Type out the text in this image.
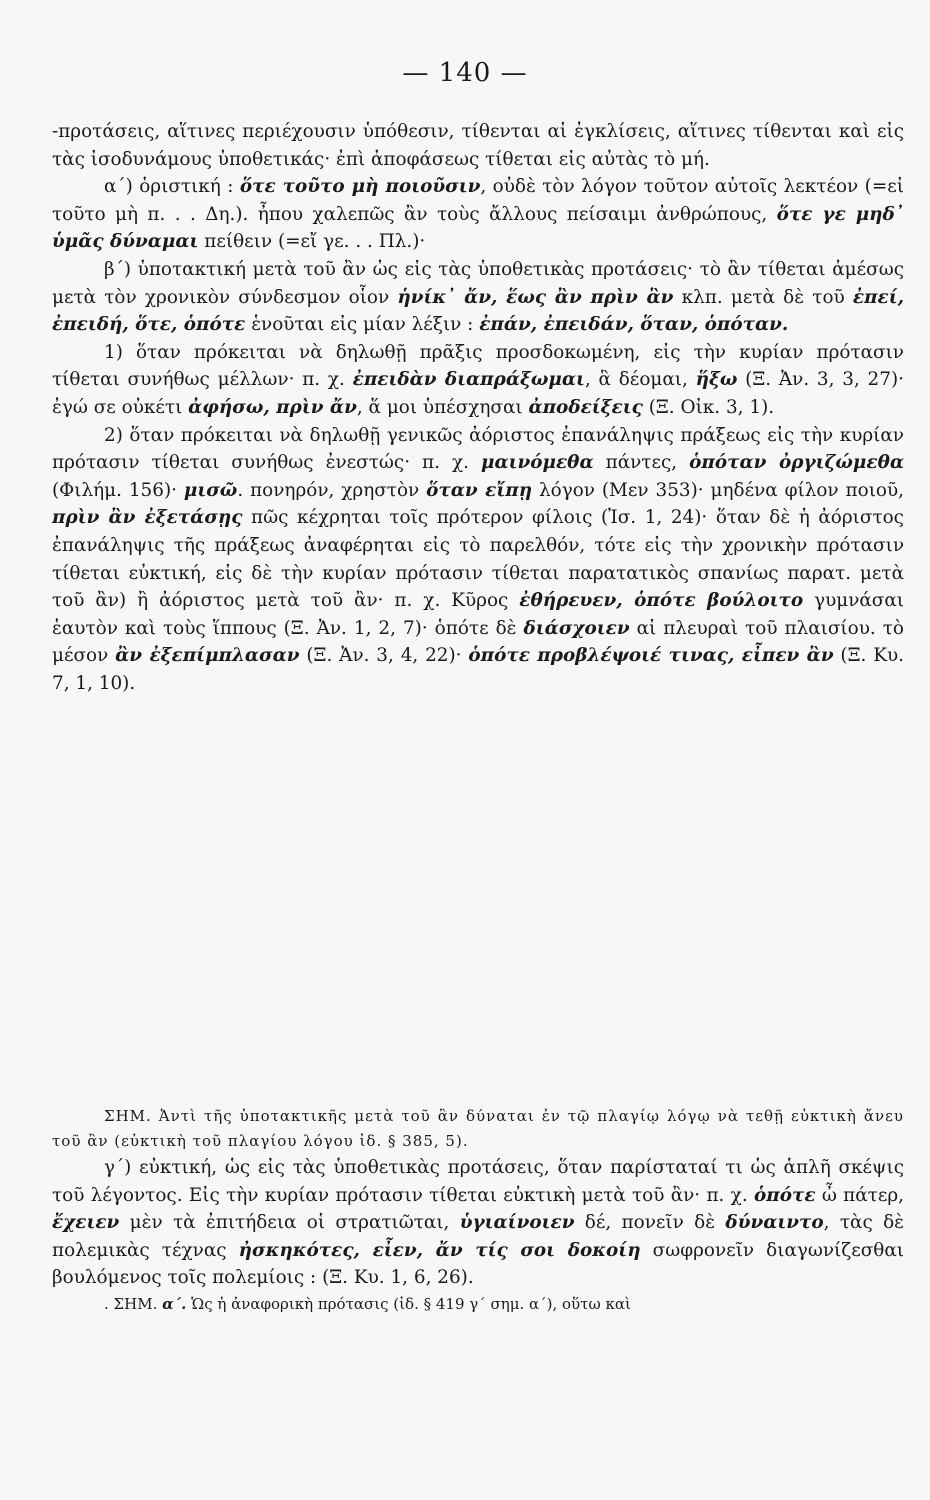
— 140 —

-προτάσεις, αἵτινες περιέχουσιν ὑπόθεσιν, τίθενται αἱ ἐγκλίσεις, αἵτινες τίθενται καὶ εἰς τὰς ἰσοδυνάμους ὑποθετικάς· ἐπὶ ἀποφάσεως τίθεται εἰς αὐτὰς τὸ μή.

α´) ὁριστική : ὅτε τοῦτο μὴ ποιοῦσιν, οὐδὲ τὸν λόγον τοῦτον αὐτοῖς λεκτέον (=εἰ τοῦτο μὴ π. . . Δη.). ἦπου χαλεπῶς ἂν τοὺς ἄλλους πείσαιμι ἀνθρώπους, ὅτε γε μηδ᾽ ὑμᾶς δύναμαι πείθειν (=εἴ γε. . . Πλ.)·

β´) ὑποτακτική μετὰ τοῦ ἂν ὡς εἰς τὰς ὑποθετικὰς προτάσεις· τὸ ἂν τίθεται ἀμέσως μετὰ τὸν χρονικὸν σύνδεσμον οἷον ἡνίκ᾽ ἄν, ἕως ἂν πρὶν ἂν κλπ. μετὰ δὲ τοῦ ἐπεί, ἐπειδή, ὅτε, ὁπότε ἑνοῦται εἰς μίαν λέξιν : ἐπάν, ἐπειδάν, ὅταν, ὁπόταν.

1) ὅταν πρόκειται νὰ δηλωθῇ πρᾶξις προσδοκωμένη, εἰς τὴν κυρίαν πρότασιν τίθεται συνήθως μέλλων· π. χ. ἐπειδὰν διαπράξωμαι, ἃ δέομαι, ἥξω (Ξ. Ἀν. 3, 3, 27)· ἐγώ σε οὐκέτι ἀφήσω, πρὶν ἄν, ἅ μοι ὑπέσχησαι ἀποδείξεις (Ξ. Οἰκ. 3, 1).

2) ὅταν πρόκειται νὰ δηλωθῇ γενικῶς ἀόριστος ἐπανάληψις πράξεως εἰς τὴν κυρίαν πρότασιν τίθεται συνήθως ἐνεστώς· π. χ. μαινόμεθα πάντες, ὁπόταν ὀργιζώμεθα (Φιλήμ. 156)· μισῶ. πονηρόν, χρηστὸν ὅταν εἴπῃ λόγον (Μεν 353)· μηδένα φίλον ποιοῦ, πρὶν ἂν ἐξετάσῃς πῶς κέχρηται τοῖς πρότερον φίλοις (Ἰσ. 1, 24)· ὅταν δὲ ἡ ἀόριστος ἐπανάληψις τῆς πράξεως ἀναφέρηται εἰς τὸ παρελθόν, τότε εἰς τὴν χρονικὴν πρότασιν τίθεται εὐκτική, εἰς δὲ τὴν κυρίαν πρότασιν τίθεται παρατατικὸς σπανίως παρατ. μετὰ τοῦ ἂν) ἢ ἀόριστος μετὰ τοῦ ἂν· π. χ. Κῦρος ἐθήρευεν, ὁπότε βούλοιτο γυμνάσαι ἑαυτὸν καὶ τοὺς ἵππους (Ξ. Ἀν. 1, 2, 7)· ὁπότε δὲ διάσχοιεν αἱ πλευραὶ τοῦ πλαισίου. τὸ μέσον ἂν ἐξεπίμπλασαν (Ξ. Ἀν. 3, 4, 22)· ὁπότε προβλέψοιέ τινας, εἶπεν ἂν (Ξ. Κυ. 7, 1, 10).

ΣΗΜ. Ἀντὶ τῆς ὑποτακτικῆς μετὰ τοῦ ἂν δύναται ἐν τῷ πλαγίῳ λόγῳ νὰ τεθῇ εὐκτικὴ ἄνευ τοῦ ἂν (εὐκτικὴ τοῦ πλαγίου λόγου ἰδ. § 385, 5).

γ´) εὐκτική, ὡς εἰς τὰς ὑποθετικὰς προτάσεις, ὅταν παρίσταταί τι ὡς ἁπλῆ σκέψις τοῦ λέγοντος. Εἰς τὴν κυρίαν πρότασιν τίθεται εὐκτικὴ μετὰ τοῦ ἂν· π. χ. ὁπότε ὦ πάτερ, ἔχειεν μὲν τὰ ἐπιτήδεια οἱ στρατιῶται, ὑγιαίνοιεν δέ, πονεῖν δὲ δύναιντο, τὰς δὲ πολεμικὰς τέχνας ἠσκηκότες, εἶεν, ἄν τίς σοι δοκοίη σωφρονεῖν διαγωνίζεσθαι βουλόμενος τοῖς πολεμίοις : (Ξ. Κυ. 1, 6, 26).

. ΣΗΜ. α´. Ὡς ἡ ἀναφορικὴ πρότασις (ἰδ. § 419 γ´ σημ. α´), οὕτω καὶ
